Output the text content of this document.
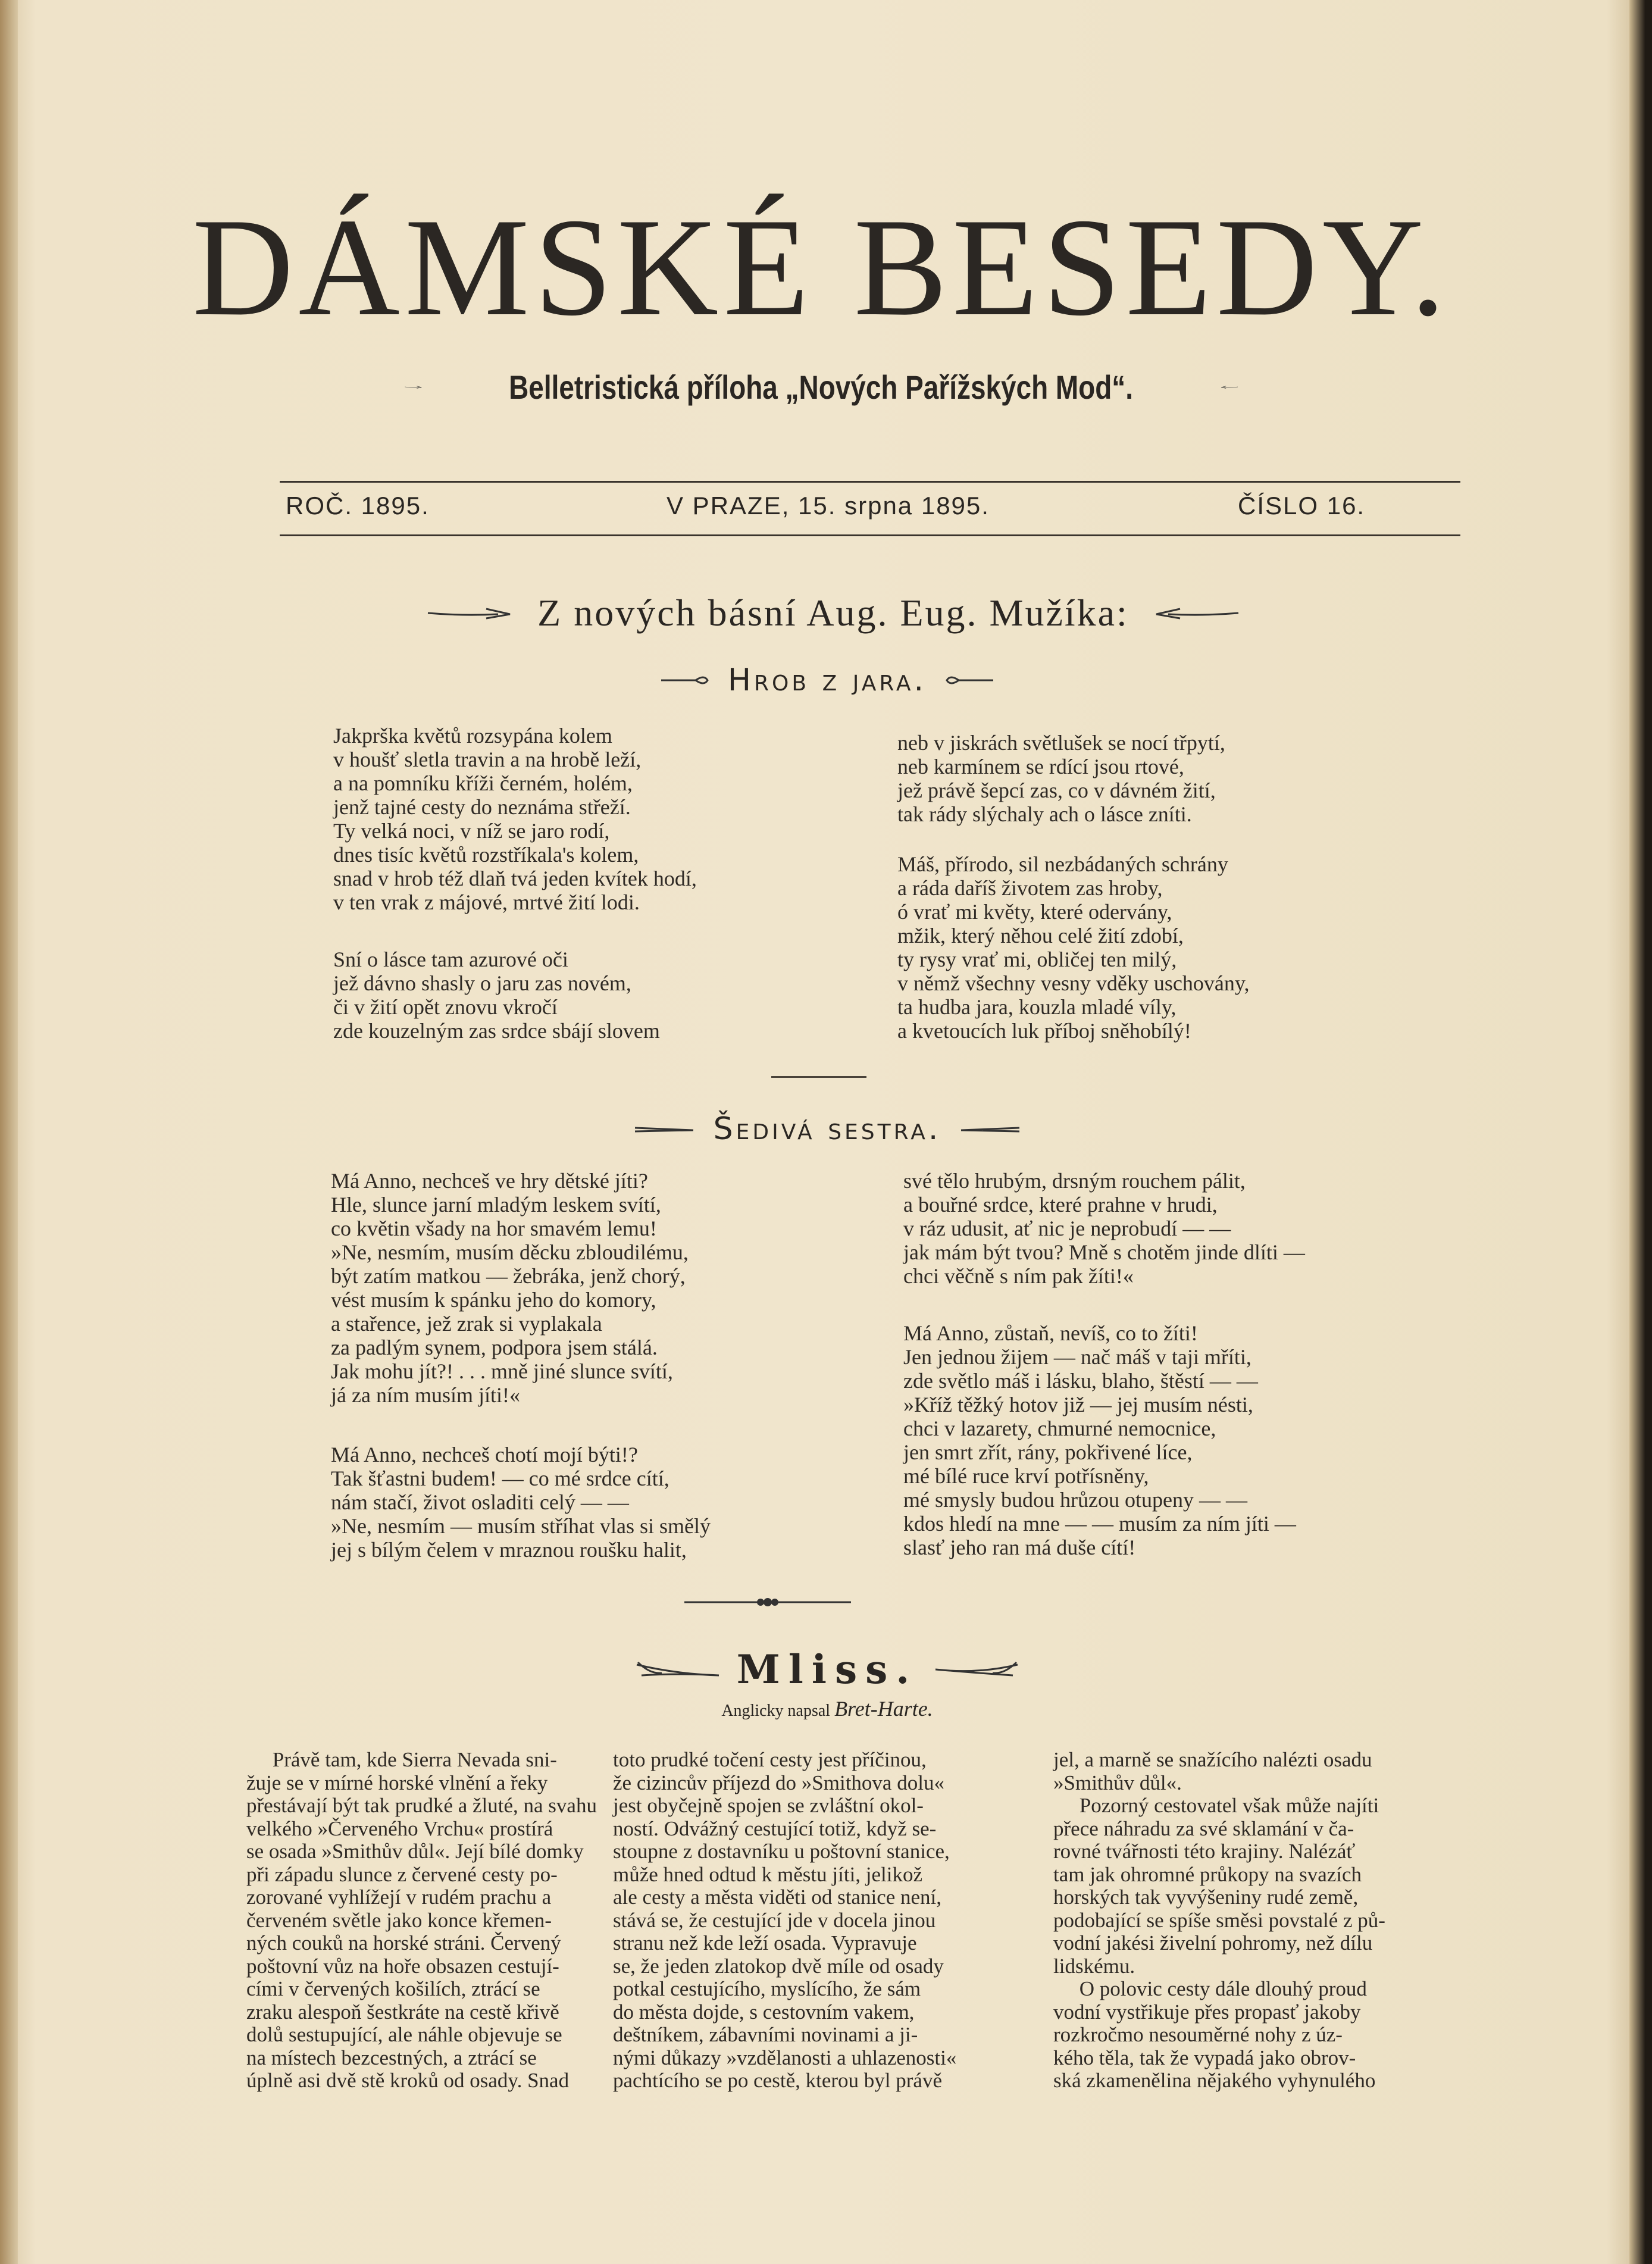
DÁMSKÉ BESEDY.
Belletristická příloha „Nových Pařížských Mod“.
ROČ. 1895.	V PRAZE, 15. srpna 1895.	ČÍSLO 16.
Z nových básní Aug. Eug. Mužíka:
Hrob z jara.
Jakprška květů rozsypána kolem
v houšť sletla travin a na hrobě leží,
a na pomníku kříži černém, holém,
jenž tajné cesty do neznáma střeží.
Ty velká noci, v níž se jaro rodí,
dnes tisíc květů rozstříkala's kolem,
snad v hrob též dlaň tvá jeden kvítek hodí,
v ten vrak z májové, mrtvé žití lodi.
Sní o lásce tam azurové oči
jež dávno shasly o jaru zas novém,
či v žití opět znovu vkročí
zde kouzelným zas srdce sbájí slovem
neb v jiskrách světlušek se nocí třpytí,
neb karmínem se rdící jsou rtové,
jež právě šepcí zas, co v dávném žití,
tak rády slýchaly ach o lásce zníti.
Máš, přírodo, sil nezbádaných schrány
a ráda daříš životem zas hroby,
ó vrať mi květy, které odervány,
mžik, který něhou celé žití zdobí,
ty rysy vrať mi, obličej ten milý,
v němž všechny vesny vděky uschovány,
ta hudba jara, kouzla mladé víly,
a kvetoucích luk příboj sněhobílý!
Šedivá sestra.
Má Anno, nechceš ve hry dětské jíti?
Hle, slunce jarní mladým leskem svítí,
co květin všady na hor smavém lemu!
»Ne, nesmím, musím děcku zbloudilému,
být zatím matkou — žebráka, jenž chorý,
vést musím k spánku jeho do komory,
a stařence, jež zrak si vyplakala
za padlým synem, podpora jsem stálá.
Jak mohu jít?! . . . mně jiné slunce svítí,
já za ním musím jíti!«
Má Anno, nechceš chotí mojí býti!?
Tak šťastni budem! — co mé srdce cítí,
nám stačí, život osladiti celý — —
»Ne, nesmím — musím stříhat vlas si smělý
jej s bílým čelem v mraznou roušku halit,
své tělo hrubým, drsným rouchem pálit,
a bouřné srdce, které prahne v hrudi,
v ráz udusit, ať nic je neprobudí — —
jak mám být tvou? Mně s chotěm jinde dlíti —
chci věčně s ním pak žíti!«
Má Anno, zůstaň, nevíš, co to žíti!
Jen jednou žijem — nač máš v taji mříti,
zde světlo máš i lásku, blaho, štěstí — —
»Kříž těžký hotov již — jej musím nésti,
chci v lazarety, chmurné nemocnice,
jen smrt zřít, rány, pokřivené líce,
mé bílé ruce krví potřísněny,
mé smysly budou hrůzou otupeny — —
kdos hledí na mne — — musím za ním jíti —
slasť jeho ran má duše cítí!
Mliss.
Anglicky napsal Bret-Harte.
Právě tam, kde Sierra Nevada sni-
žuje se v mírné horské vlnění a řeky
přestávají být tak prudké a žluté, na svahu
velkého »Červeného Vrchu« prostírá
se osada »Smithův důl«. Její bílé domky
při západu slunce z červené cesty po-
zorované vyhlížejí v rudém prachu a
červeném světle jako konce křemen-
ných couků na horské stráni. Červený
poštovní vůz na hoře obsazen cestují-
cími v červených košilích, ztrácí se
zraku alespoň šestkráte na cestě křivě
dolů sestupující, ale náhle objevuje se
na místech bezcestných, a ztrácí se
úplně asi dvě stě kroků od osady. Snad
toto prudké točení cesty jest příčinou,
že cizincův příjezd do »Smithova dolu«
jest obyčejně spojen se zvláštní okol-
ností. Odvážný cestující totiž, když se-
stoupne z dostavníku u poštovní stanice,
může hned odtud k městu jíti, jelikož
ale cesty a města viděti od stanice není,
stává se, že cestující jde v docela jinou
stranu než kde leží osada. Vypravuje
se, že jeden zlatokop dvě míle od osady
potkal cestujícího, myslícího, že sám
do města dojde, s cestovním vakem,
deštníkem, zábavními novinami a ji-
nými důkazy »vzdělanosti a uhlazenosti«
pachtícího se po cestě, kterou byl právě
jel, a marně se snažícího nalézti osadu
»Smithův důl«.
Pozorný cestovatel však může najíti
přece náhradu za své sklamání v ča-
rovné tvářnosti této krajiny. Nalézáť
tam jak ohromné průkopy na svazích
horských tak vyvýšeniny rudé země,
podobající se spíše směsi povstalé z pů-
vodní jakési živelní pohromy, než dílu
lidskému.
O polovic cesty dále dlouhý proud
vodní vystřikuje přes propasť jakoby
rozkročmo nesouměrné nohy z úz-
kého těla, tak že vypadá jako obrov-
ská zkamenělina nějakého vyhynulého
